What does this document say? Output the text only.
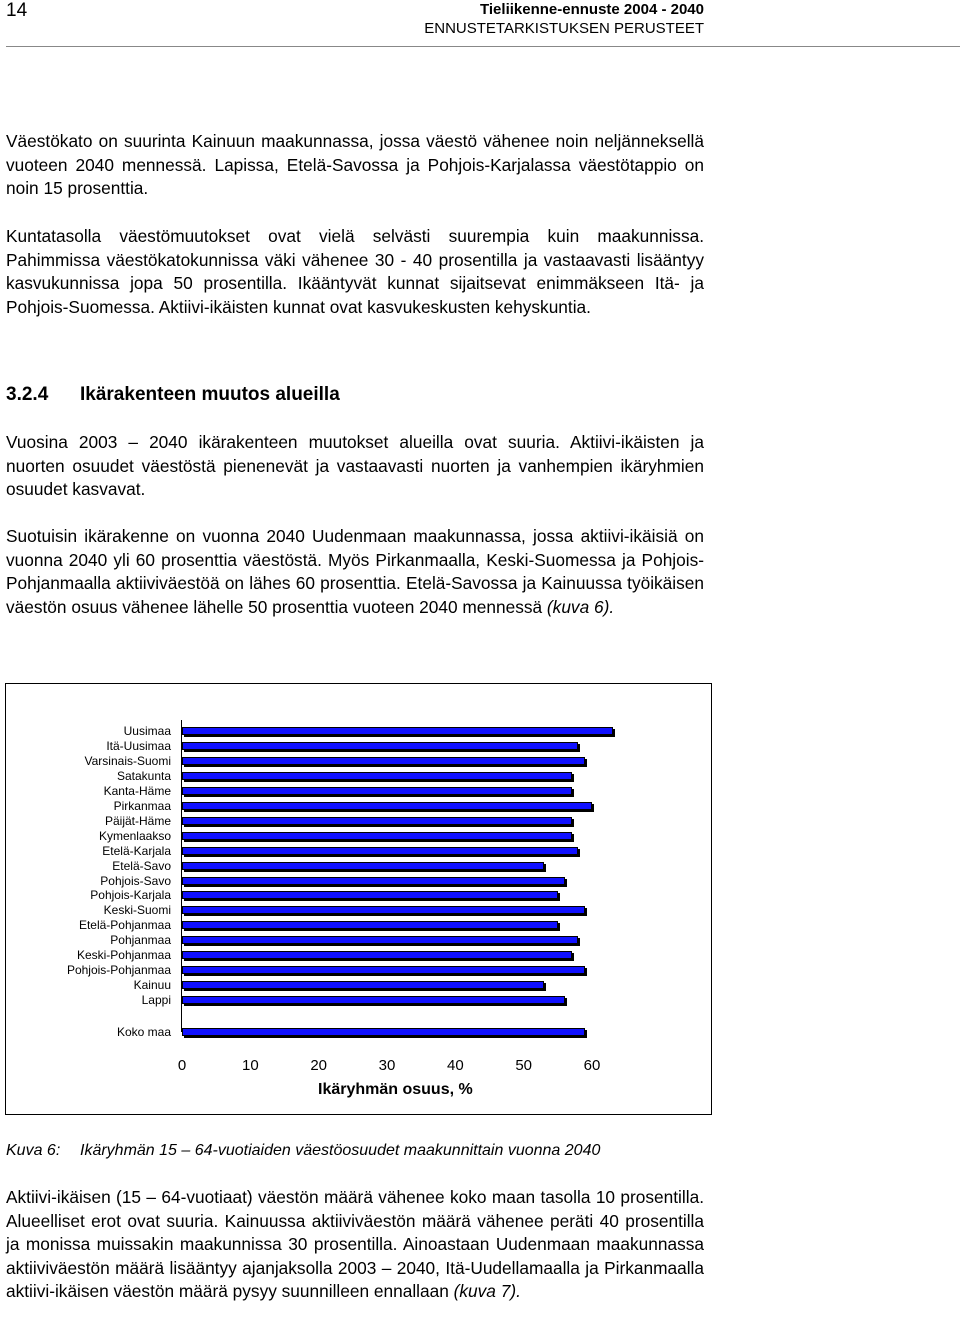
14	Tieliikenne-ennuste 2004 - 2040
ENNUSTETARKISTUKSEN PERUSTEET

Väestökato on suurinta Kainuun maakunnassa, jossa väestö vähenee noin neljänneksellä vuoteen 2040 mennessä. Lapissa, Etelä-Savossa ja Pohjois-Karjalassa väestötappio on noin 15 prosenttia.

Kuntatasolla väestömuutokset ovat vielä selvästi suurempia kuin maakunnissa. Pahimmissa väestökatokunnissa väki vähenee 30 - 40 prosentilla ja vastaavasti lisääntyy kasvukunnissa jopa 50 prosentilla. Ikääntyvät kunnat sijaitsevat enimmäkseen Itä- ja Pohjois-Suomessa. Aktiivi-ikäisten kunnat ovat kasvukeskusten kehyskuntia.

3.2.4 Ikärakenteen muutos alueilla

Vuosina 2003 – 2040 ikärakenteen muutokset alueilla ovat suuria. Aktiivi-ikäisten ja nuorten osuudet väestöstä pienenevät ja vastaavasti nuorten ja vanhempien ikäryhmien osuudet kasvavat.

Suotuisin ikärakenne on vuonna 2040 Uudenmaan maakunnassa, jossa aktiivi-ikäisiä on vuonna 2040 yli 60 prosenttia väestöstä. Myös Pirkanmaalla, Keski-Suomessa ja Pohjois-Pohjanmaalla aktiiviväestöä on lähes 60 prosenttia. Etelä-Savossa ja Kainuussa työikäisen väestön osuus vähenee lähelle 50 prosenttia vuoteen 2040 mennessä (kuva 6).

Uusimaa
Itä-Uusimaa
Varsinais-Suomi
Satakunta
Kanta-Häme
Pirkanmaa
Päijät-Häme
Kymenlaakso
Etelä-Karjala
Etelä-Savo
Pohjois-Savo
Pohjois-Karjala
Keski-Suomi
Etelä-Pohjanmaa
Pohjanmaa
Keski-Pohjanmaa
Pohjois-Pohjanmaa
Kainuu
Lappi
Koko maa
0	10	20	30	40	50	60
Ikäryhmän osuus, %
Kuva 6: Ikäryhmän 15 – 64-vuotiaiden väestöosuudet maakunnittain vuonna 2040

Aktiivi-ikäisen (15 – 64-vuotiaat) väestön määrä vähenee koko maan tasolla 10 prosentilla. Alueelliset erot ovat suuria. Kainuussa aktiiviväestön määrä vähenee peräti 40 prosentilla ja monissa muissakin maakunnissa 30 prosentilla. Ainoastaan Uudenmaan maakunnassa aktiiviväestön määrä lisääntyy ajanjaksolla 2003 – 2040, Itä-Uudellamaalla ja Pirkanmaalla aktiivi-ikäisen väestön määrä pysyy suunnilleen ennallaan (kuva 7).
